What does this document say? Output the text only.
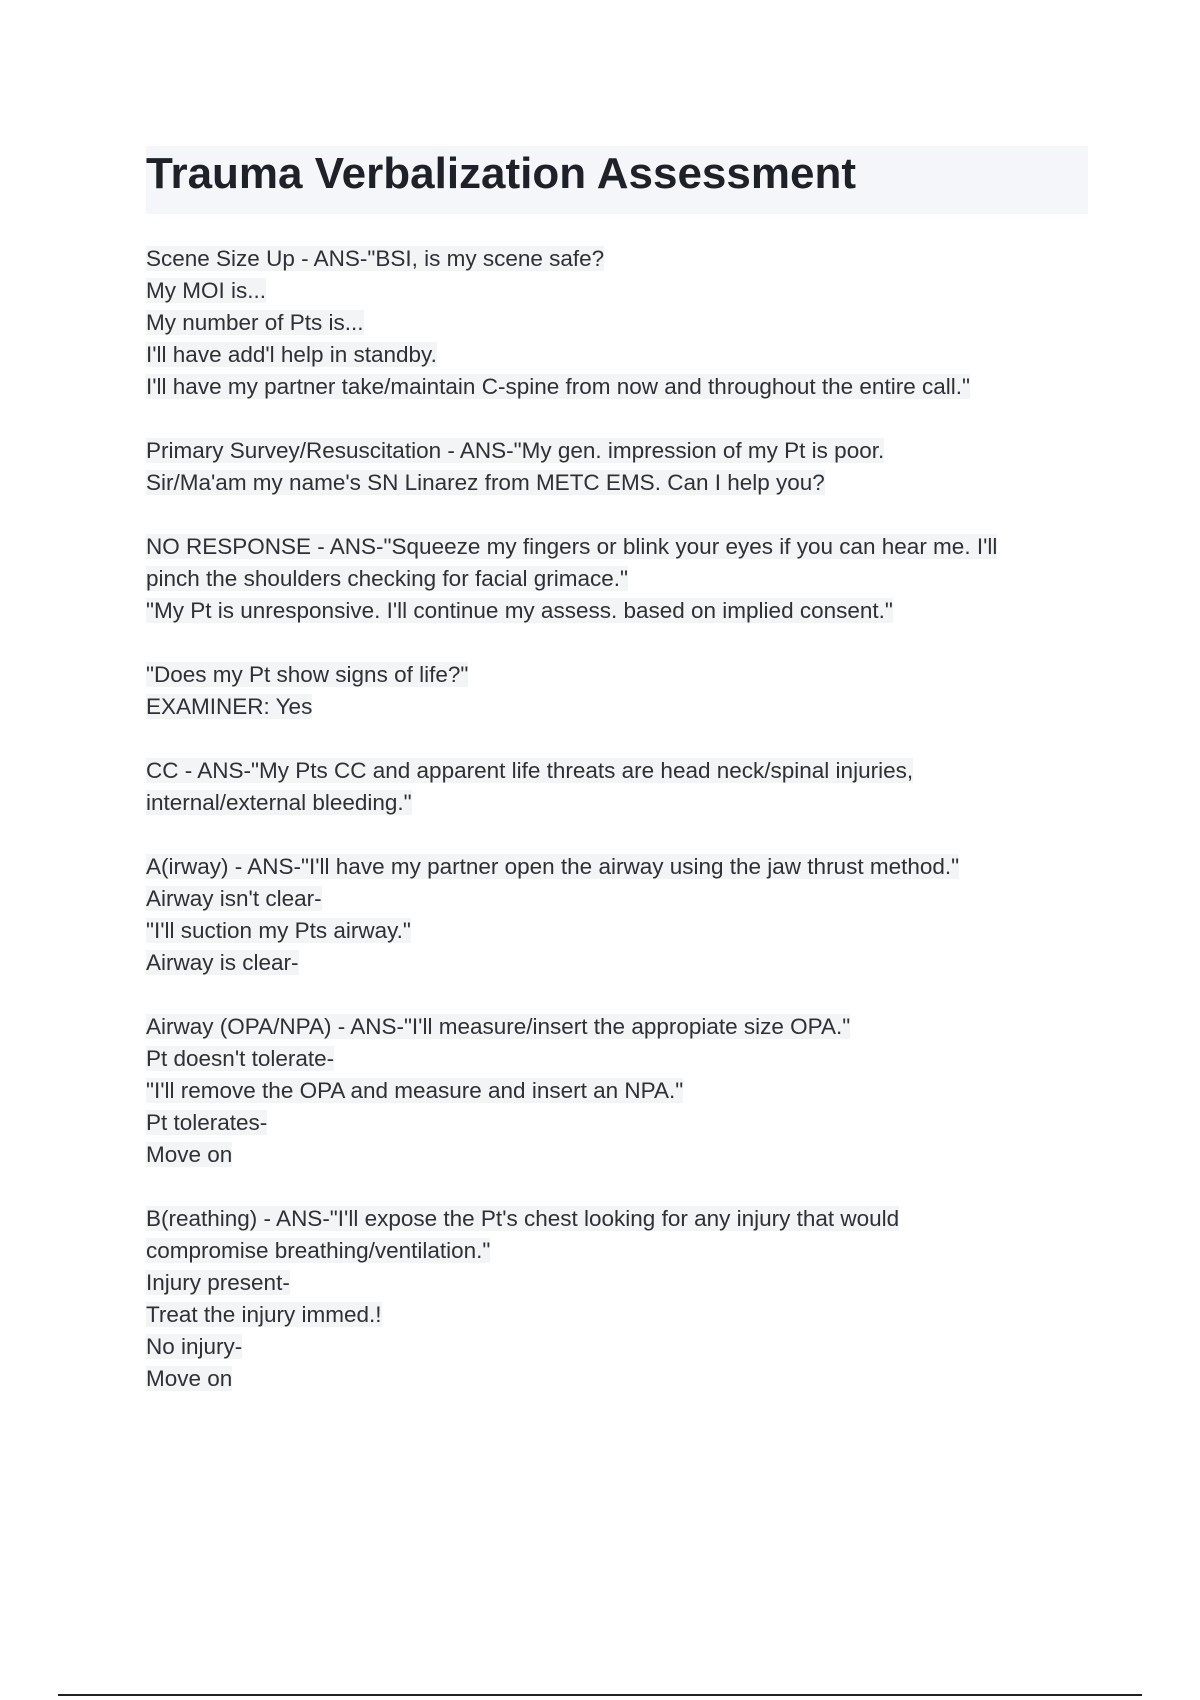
Trauma Verbalization Assessment
Scene Size Up - ANS-"BSI, is my scene safe?
My MOI is...
My number of Pts is...
I'll have add'l help in standby.
I'll have my partner take/maintain C-spine from now and throughout the entire call."
Primary Survey/Resuscitation - ANS-"My gen. impression of my Pt is poor.
Sir/Ma'am my name's SN Linarez from METC EMS. Can I help you?
NO RESPONSE - ANS-"Squeeze my fingers or blink your eyes if you can hear me. I'll
pinch the shoulders checking for facial grimace."
"My Pt is unresponsive. I'll continue my assess. based on implied consent."
"Does my Pt show signs of life?"
EXAMINER: Yes
CC - ANS-"My Pts CC and apparent life threats are head neck/spinal injuries,
internal/external bleeding."
A(irway) - ANS-"I'll have my partner open the airway using the jaw thrust method."
Airway isn't clear-
"I'll suction my Pts airway."
Airway is clear-
Airway (OPA/NPA) - ANS-"I'll measure/insert the appropiate size OPA."
Pt doesn't tolerate-
"I'll remove the OPA and measure and insert an NPA."
Pt tolerates-
Move on
B(reathing) - ANS-"I'll expose the Pt's chest looking for any injury that would
compromise breathing/ventilation."
Injury present-
Treat the injury immed.!
No injury-
Move on
